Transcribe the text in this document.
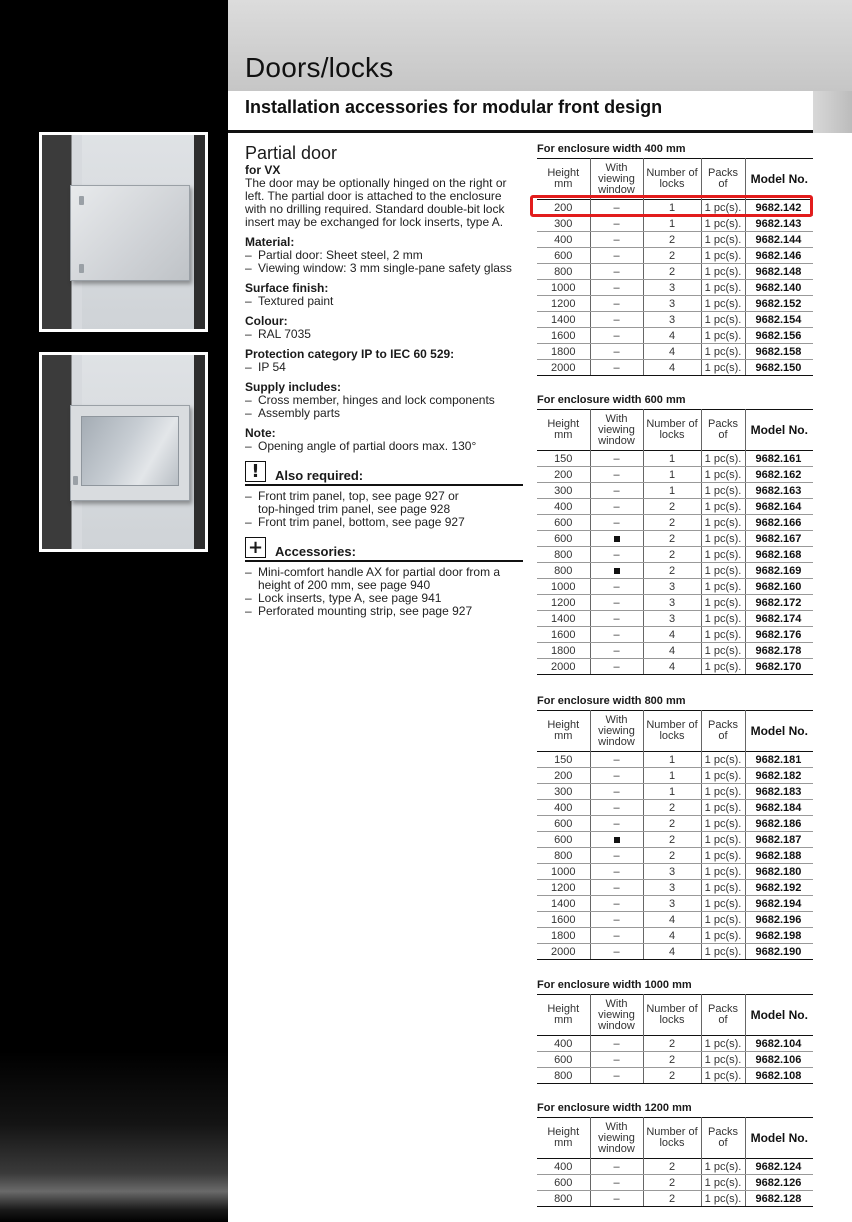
Doors/locks
Installation accessories for modular front design
Partial door
for VX
The door may be optionally hinged on the right or
left. The partial door is attached to the enclosure
with no drilling required. Standard double-bit lock
insert may be exchanged for lock inserts, type A.
Material:
– Partial door: Sheet steel, 2 mm
– Viewing window: 3 mm single-pane safety glass
Surface finish:
– Textured paint
Colour:
– RAL 7035
Protection category IP to IEC 60 529:
– IP 54
Supply includes:
– Cross member, hinges and lock components
– Assembly parts
Note:
– Opening angle of partial doors max. 130°
!	Also required:
– Front trim panel, top, see page 927 or
top-hinged trim panel, see page 928
– Front trim panel, bottom, see page 927
+ Accessories:
– Mini-comfort handle AX for partial door from a
height of 200 mm, see page 940
– Lock inserts, type A, see page 941
– Perforated mounting strip, see page 927
For enclosure width 400 mm
Height
mm	With
viewing
window	Number of
locks	Packs
of	Model No.
200	–	1	1 pc(s).	9682.142
300	–	1	1 pc(s).	9682.143
400	–	2	1 pc(s).	9682.144
600	–	2	1 pc(s).	9682.146
800	–	2	1 pc(s).	9682.148
1000	–	3	1 pc(s).	9682.140
1200	–	3	1 pc(s).	9682.152
1400	–	3	1 pc(s).	9682.154
1600	–	4	1 pc(s).	9682.156
1800	–	4	1 pc(s).	9682.158
2000	–	4	1 pc(s).	9682.150
For enclosure width 600 mm
Height
mm	With
viewing
window	Number of
locks	Packs
of	Model No.
150	–	1	1 pc(s).	9682.161
200	–	1	1 pc(s).	9682.162
300	–	1	1 pc(s).	9682.163
400	–	2	1 pc(s).	9682.164
600	–	2	1 pc(s).	9682.166
600		2	1 pc(s).	9682.167
800	–	2	1 pc(s).	9682.168
800		2	1 pc(s).	9682.169
1000	–	3	1 pc(s).	9682.160
1200	–	3	1 pc(s).	9682.172
1400	–	3	1 pc(s).	9682.174
1600	–	4	1 pc(s).	9682.176
1800	–	4	1 pc(s).	9682.178
2000	–	4	1 pc(s).	9682.170
For enclosure width 800 mm
Height
mm	With
viewing
window	Number of
locks	Packs
of	Model No.
150	–	1	1 pc(s).	9682.181
200	–	1	1 pc(s).	9682.182
300	–	1	1 pc(s).	9682.183
400	–	2	1 pc(s).	9682.184
600	–	2	1 pc(s).	9682.186
600		2	1 pc(s).	9682.187
800	–	2	1 pc(s).	9682.188
1000	–	3	1 pc(s).	9682.180
1200	–	3	1 pc(s).	9682.192
1400	–	3	1 pc(s).	9682.194
1600	–	4	1 pc(s).	9682.196
1800	–	4	1 pc(s).	9682.198
2000	–	4	1 pc(s).	9682.190
For enclosure width 1000 mm
Height
mm	With
viewing
window	Number of
locks	Packs
of	Model No.
400	–	2	1 pc(s).	9682.104
600	–	2	1 pc(s).	9682.106
800	–	2	1 pc(s).	9682.108
For enclosure width 1200 mm
Height
mm	With
viewing
window	Number of
locks	Packs
of	Model No.
400	–	2	1 pc(s).	9682.124
600	–	2	1 pc(s).	9682.126
800	–	2	1 pc(s).	9682.128
